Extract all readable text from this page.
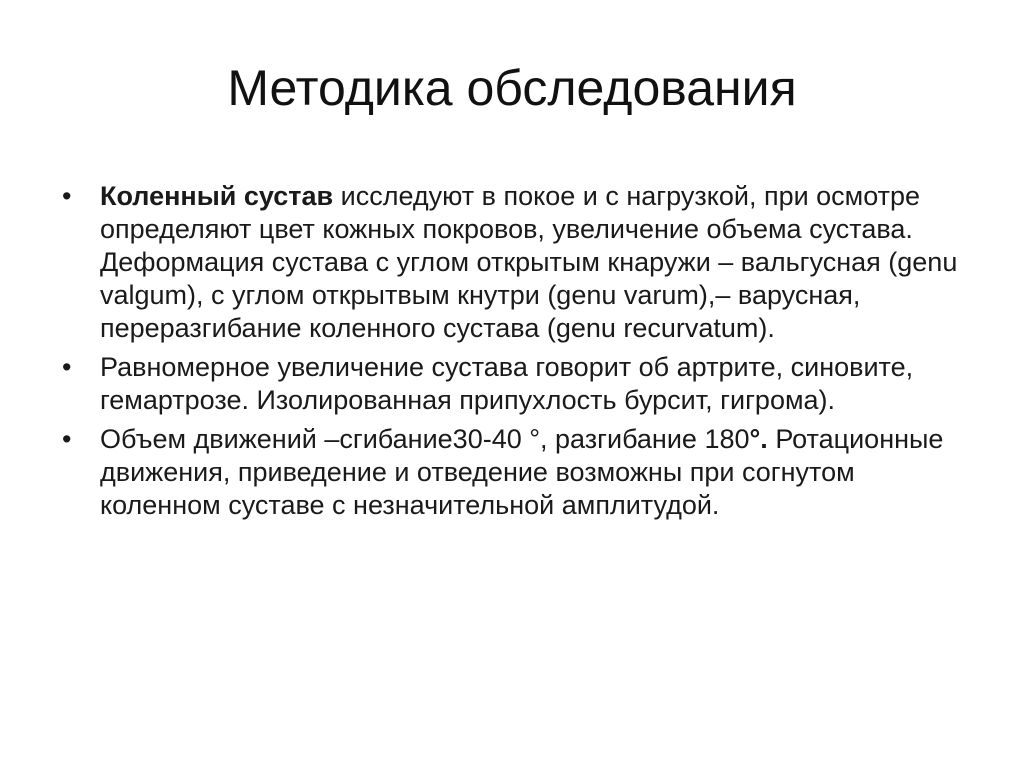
Методика обследования
• Коленный сустав исследуют в покое и с нагрузкой, при осмотре определяют цвет кожных покровов, увеличение объема сустава. Деформация сустава с углом открытым кнаружи – вальгусная (genu valgum), с углом открытвым кнутри (genu varum),– варусная, переразгибание коленного сустава (genu recurvatum).
• Равномерное увеличение сустава говорит об артрите, синовите, гемартрозе. Изолированная припухлость бурсит, гигрома).
• Объем движений –сгибание30-40 °, разгибание 180°. Ротационные движения, приведение и отведение возможны при согнутом коленном суставе с незначительной амплитудой.
